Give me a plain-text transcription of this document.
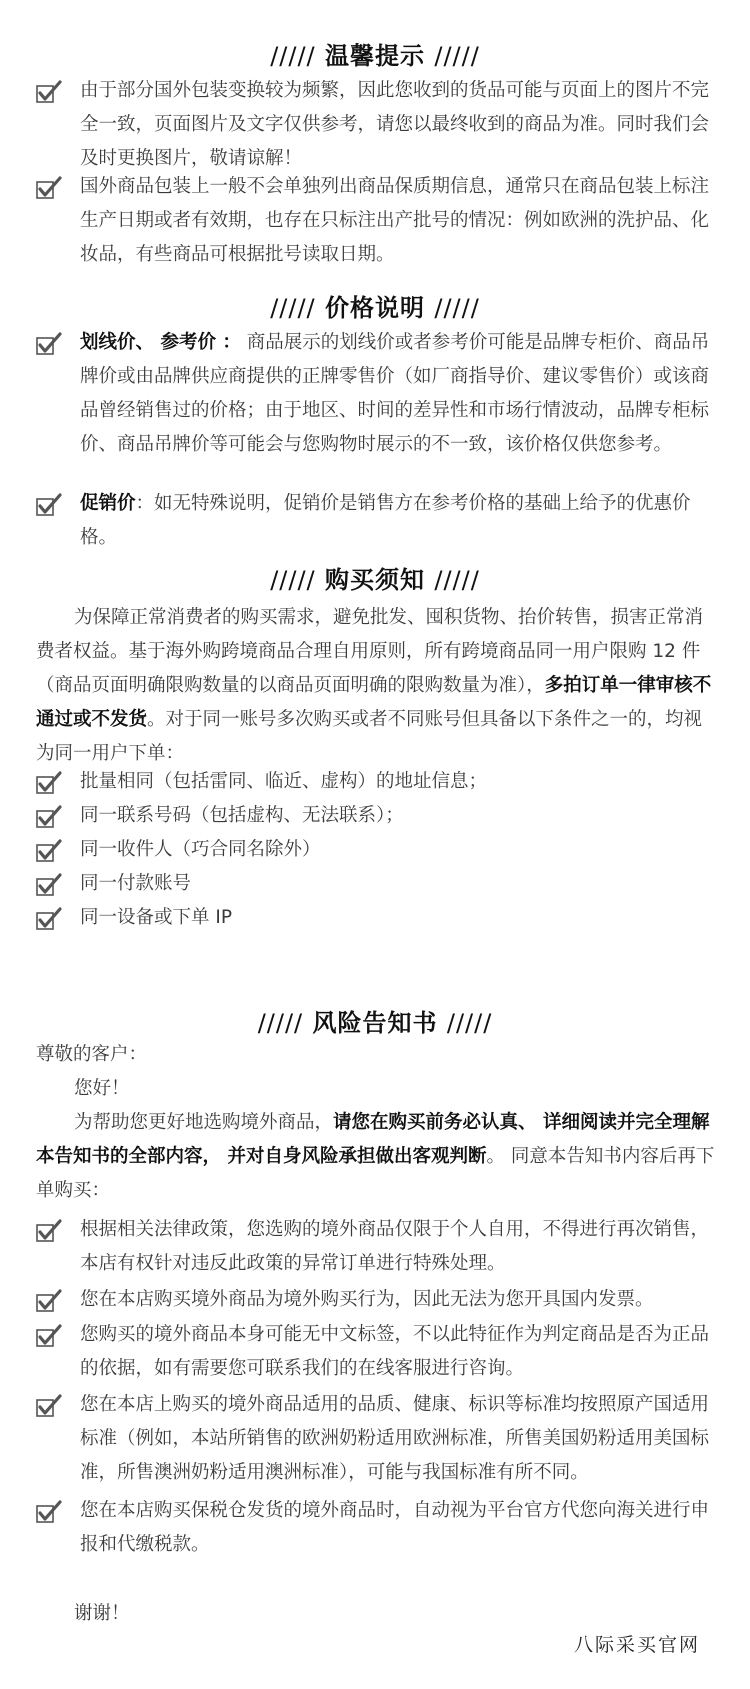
///// 温馨提示 /////
由于部分国外包装变换较为频繁，因此您收到的货品可能与页面上的图片不完全一致，页面图片及文字仅供参考，请您以最终收到的商品为准。同时我们会及时更换图片，敬请谅解！
国外商品包装上一般不会单独列出商品保质期信息，通常只在商品包装上标注生产日期或者有效期，也存在只标注出产批号的情况：例如欧洲的洗护品、化妆品，有些商品可根据批号读取日期。
///// 价格说明 /////
划线价、 参考价 ： 商品展示的划线价或者参考价可能是品牌专柜价、商品吊牌价或由品牌供应商提供的正牌零售价（如厂商指导价、建议零售价）或该商品曾经销售过的价格；由于地区、时间的差异性和市场行情波动，品牌专柜标价、商品吊牌价等可能会与您购物时展示的不一致，该价格仅供您参考。
促销价：如无特殊说明，促销价是销售方在参考价格的基础上给予的优惠价格。
///// 购买须知 /////
为保障正常消费者的购买需求，避免批发、囤积货物、抬价转售，损害正常消费者权益。基于海外购跨境商品合理自用原则，所有跨境商品同一用户限购 12 件（商品页面明确限购数量的以商品页面明确的限购数量为准），多拍订单一律审核不通过或不发货。对于同一账号多次购买或者不同账号但具备以下条件之一的，均视为同一用户下单：
批量相同（包括雷同、临近、虚构）的地址信息；
同一联系号码（包括虚构、无法联系）；
同一收件人（巧合同名除外）
同一付款账号
同一设备或下单 IP
///// 风险告知书 /////
尊敬的客户：
您好！
为帮助您更好地选购境外商品，请您在购买前务必认真、 详细阅读并完全理解本告知书的全部内容， 并对自身风险承担做出客观判断。 同意本告知书内容后再下单购买：
根据相关法律政策，您选购的境外商品仅限于个人自用，不得进行再次销售，本店有权针对违反此政策的异常订单进行特殊处理。
您在本店购买境外商品为境外购买行为，因此无法为您开具国内发票。
您购买的境外商品本身可能无中文标签，不以此特征作为判定商品是否为正品的依据，如有需要您可联系我们的在线客服进行咨询。
您在本店上购买的境外商品适用的品质、健康、标识等标准均按照原产国适用标准（例如，本站所销售的欧洲奶粉适用欧洲标准，所售美国奶粉适用美国标准，所售澳洲奶粉适用澳洲标准），可能与我国标准有所不同。
您在本店购买保税仓发货的境外商品时，自动视为平台官方代您向海关进行申报和代缴税款。
谢谢！
八际采买官网
